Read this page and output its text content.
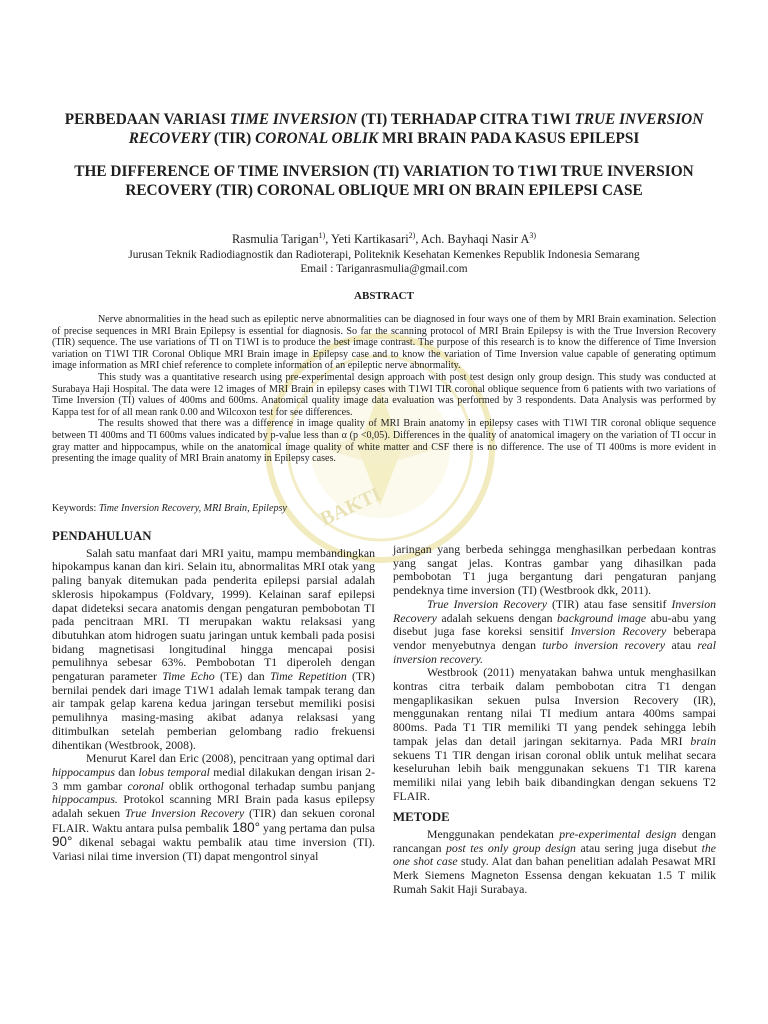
BAKTI
PERBEDAAN VARIASI TIME INVERSION (TI) TERHADAP CITRA T1WI TRUE INVERSION RECOVERY (TIR) CORONAL OBLIK MRI BRAIN PADA KASUS EPILEPSI
THE DIFFERENCE OF TIME INVERSION (TI) VARIATION TO T1WI TRUE INVERSION RECOVERY (TIR) CORONAL OBLIQUE MRI ON BRAIN EPILEPSI CASE
Rasmulia Tarigan$^{1)}$, Yeti Kartikasari$^{2)}$, Ach. Bayhaqi Nasir $A^{3)}$
Jurusan Teknik Radiodiagnostik dan Radioterapi, Politeknik Kesehatan Kemenkes Republik Indonesia Semarang
Email : Tariganrasmulia@gmail.com
ABSTRACT

Nerve abnormalities in the head such as epileptic nerve abnormalities can be diagnosed in four ways one of them by MRI Brain examination. Selection of precise sequences in MRI Brain Epilepsy is essential for diagnosis. So far the scanning protocol of MRI Brain Epilepsy is with the True Inversion Recovery (TIR) sequence. The use variations of TI on T1WI is to produce the best image contrast. The purpose of this research is to know the difference of Time Inversion variation on T1WI TIR Coronal Oblique MRI Brain image in Epilepsy case and to know the variation of Time Inversion value capable of generating optimum image information as MRI chief reference to complete information of an epileptic nerve abnormality.

This study was a quantitative research using pre-experimental design approach with post test design only group design. This study was conducted at Surabaya Haji Hospital. The data were 12 images of MRI Brain in epilepsy cases with T1WI TIR coronal oblique sequence from 6 patients with two variations of Time Inversion (TI) values of 400ms and 600ms. Anatomical quality image data evaluation was performed by 3 respondents. Data Analysis was performed by Kappa test for of all mean rank 0.00 and Wilcoxon test for see differences.

The results showed that there was a difference in image quality of MRI Brain anatomy in epilepsy cases with T1WI TIR coronal oblique sequence between TI 400ms and TI 600ms values indicated by p-value less than α (p <0,05). Differences in the quality of anatomical imagery on the variation of TI occur in gray matter and hippocampus, while on the anatomical image quality of white matter and CSF there is no difference. The use of TI 400ms is more evident in presenting the image quality of MRI Brain anatomy in Epilepsy cases.

Keywords: Time Inversion Recovery, MRI Brain, Epilepsy
PENDAHULUAN

Salah satu manfaat dari MRI yaitu, mampu membandingkan hipokampus kanan dan kiri. Selain itu, abnormalitas MRI otak yang paling banyak ditemukan pada penderita epilepsi parsial adalah sklerosis hipokampus (Foldvary, 1999). Kelainan saraf epilepsi dapat dideteksi secara anatomis dengan pengaturan pembobotan TI pada pencitraan MRI. TI merupakan waktu relaksasi yang dibutuhkan atom hidrogen suatu jaringan untuk kembali pada posisi bidang magnetisasi longitudinal hingga mencapai posisi pemulihnya sebesar 63%. Pembobotan T1 diperoleh dengan pengaturan parameter Time Echo (TE) dan Time Repetition (TR) bernilai pendek dari image T1W1 adalah lemak tampak terang dan air tampak gelap karena kedua jaringan tersebut memiliki posisi pemulihnya masing-masing akibat adanya relaksasi yang ditimbulkan setelah pemberian gelombang radio frekuensi dihentikan (Westbrook, 2008).

Menurut Karel dan Eric (2008), pencitraan yang optimal dari hippocampus dan lobus temporal medial dilakukan dengan irisan 2-3 mm gambar coronal oblik orthogonal terhadap sumbu panjang hippocampus. Protokol scanning MRI Brain pada kasus epilepsy adalah sekuen True Inversion Recovery (TIR) dan sekuen coronal FLAIR. Waktu antara pulsa pembalik 180° yang pertama dan pulsa 90° dikenal sebagai waktu pembalik atau time inversion (TI). Variasi nilai time inversion (TI) dapat mengontrol sinyal

jaringan yang berbeda sehingga menghasilkan perbedaan kontras yang sangat jelas. Kontras gambar yang dihasilkan pada pembobotan T1 juga bergantung dari pengaturan panjang pendeknya time inversion (TI) (Westbrook dkk, 2011).

True Inversion Recovery (TIR) atau fase sensitif Inversion Recovery adalah sekuens dengan background image abu-abu yang disebut juga fase koreksi sensitif Inversion Recovery beberapa vendor menyebutnya dengan turbo inversion recovery atau real inversion recovery.

Westbrook (2011) menyatakan bahwa untuk menghasilkan kontras citra terbaik dalam pembobotan citra T1 dengan mengaplikasikan sekuen pulsa Inversion Recovery (IR), menggunakan rentang nilai TI medium antara 400ms sampai 800ms. Pada T1 TIR memiliki TI yang pendek sehingga lebih tampak jelas dan detail jaringan sekitarnya. Pada MRI brain sekuens T1 TIR dengan irisan coronal oblik untuk melihat secara keseluruhan lebih baik menggunakan sekuens T1 TIR karena memiliki nilai yang lebih baik dibandingkan dengan sekuens T2 FLAIR.

METODE

Menggunakan pendekatan pre-experimental design dengan rancangan post tes only group design atau sering juga disebut the one shot case study. Alat dan bahan penelitian adalah Pesawat MRI Merk Siemens Magneton Essensa dengan kekuatan 1.5 T milik Rumah Sakit Haji Surabaya.
